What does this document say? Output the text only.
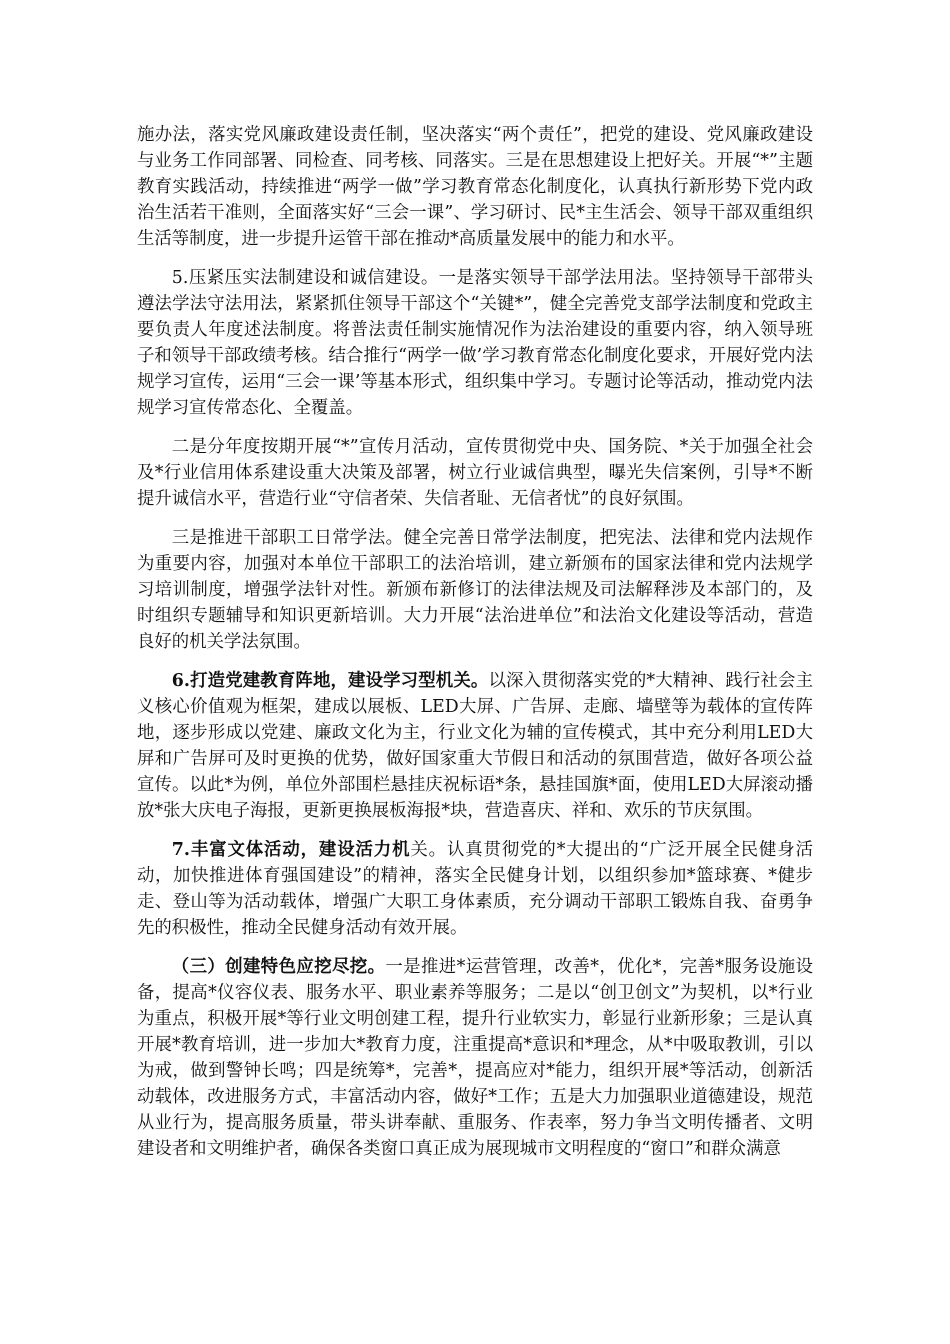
施办法，落实党风廉政建设责任制，坚决落实“两个责任”，把党的建设、党风廉政建设与业务工作同部署、同检查、同考核、同落实。三是在思想建设上把好关。开展“*”主题教育实践活动，持续推进“两学一做”学习教育常态化制度化，认真执行新形势下党内政治生活若干准则，全面落实好“三会一课”、学习研讨、民*主生活会、领导干部双重组织生活等制度，进一步提升运管干部在推动*高质量发展中的能力和水平。

5.压紧压实法制建设和诚信建设。一是落实领导干部学法用法。坚持领导干部带头遵法学法守法用法，紧紧抓住领导干部这个“关键*”，健全完善党支部学法制度和党政主要负责人年度述法制度。将普法责任制实施情况作为法治建设的重要内容，纳入领导班子和领导干部政绩考核。结合推行“两学一做’学习教育常态化制度化要求，开展好党内法规学习宣传，运用“三会一课’等基本形式，组织集中学习。专题讨论等活动，推动党内法规学习宣传常态化、全覆盖。

二是分年度按期开展“*”宣传月活动，宣传贯彻党中央、国务院、*关于加强全社会及*行业信用体系建设重大决策及部署，树立行业诚信典型，曝光失信案例，引导*不断提升诚信水平，营造行业“守信者荣、失信者耻、无信者忧”的良好氛围。

三是推进干部职工日常学法。健全完善日常学法制度，把宪法、法律和党内法规作为重要内容，加强对本单位干部职工的法治培训，建立新颁布的国家法律和党内法规学习培训制度，增强学法针对性。新颁布新修订的法律法规及司法解释涉及本部门的，及时组织专题辅导和知识更新培训。大力开展“法治进单位”和法治文化建设等活动，营造良好的机关学法氛围。

6.打造党建教育阵地，建设学习型机关。以深入贯彻落实党的*大精神、践行社会主义核心价值观为框架，建成以展板、LED大屏、广告屏、走廊、墙壁等为载体的宣传阵地，逐步形成以党建、廉政文化为主，行业文化为辅的宣传模式，其中充分利用LED大屏和广告屏可及时更换的优势，做好国家重大节假日和活动的氛围营造，做好各项公益宣传。以此*为例，单位外部围栏悬挂庆祝标语*条，悬挂国旗*面，使用LED大屏滚动播放*张大庆电子海报，更新更换展板海报*块，营造喜庆、祥和、欢乐的节庆氛围。

7.丰富文体活动，建设活力机关。认真贯彻党的*大提出的“广泛开展全民健身活动，加快推进体育强国建设”的精神，落实全民健身计划，以组织参加*篮球赛、*健步走、登山等为活动载体，增强广大职工身体素质，充分调动干部职工锻炼自我、奋勇争先的积极性，推动全民健身活动有效开展。

（三）创建特色应挖尽挖。一是推进*运营管理，改善*，优化*，完善*服务设施设备，提高*仪容仪表、服务水平、职业素养等服务；二是以“创卫创文”为契机，以*行业为重点，积极开展*等行业文明创建工程，提升行业软实力，彰显行业新形象；三是认真开展*教育培训，进一步加大*教育力度，注重提高*意识和*理念，从*中吸取教训，引以为戒，做到警钟长鸣；四是统筹*，完善*，提高应对*能力，组织开展*等活动，创新活动载体，改进服务方式，丰富活动内容，做好*工作；五是大力加强职业道德建设，规范从业行为，提高服务质量，带头讲奉献、重服务、作表率，努力争当文明传播者、文明建设者和文明维护者，确保各类窗口真正成为展现城市文明程度的“窗口”和群众满意
